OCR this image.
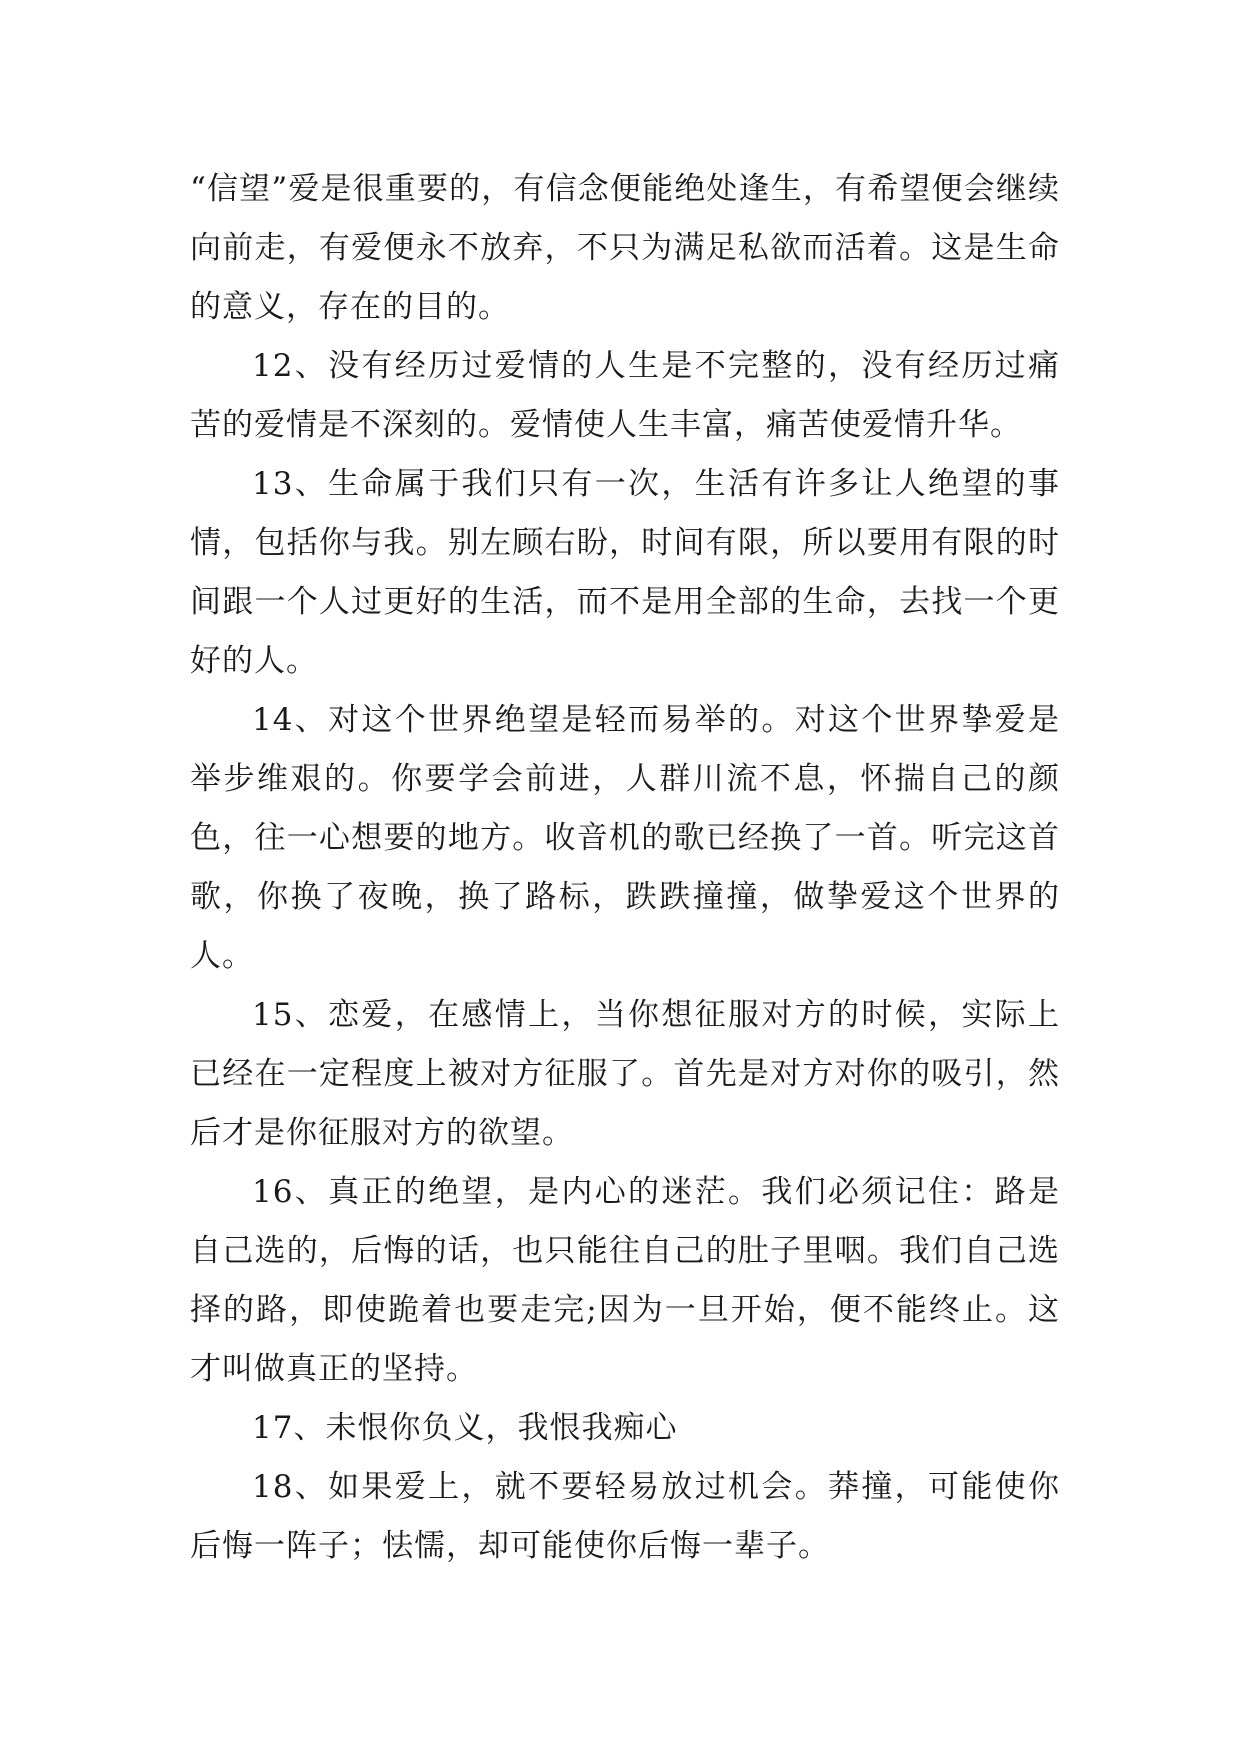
“信望”爱是很重要的，有信念便能绝处逢生，有希望便会继续向前走，有爱便永不放弃，不只为满足私欲而活着。这是生命的意义，存在的目的。

12、没有经历过爱情的人生是不完整的，没有经历过痛苦的爱情是不深刻的。爱情使人生丰富，痛苦使爱情升华。

13、生命属于我们只有一次，生活有许多让人绝望的事情，包括你与我。别左顾右盼，时间有限，所以要用有限的时间跟一个人过更好的生活，而不是用全部的生命，去找一个更好的人。

14、对这个世界绝望是轻而易举的。对这个世界挚爱是举步维艰的。你要学会前进，人群川流不息，怀揣自己的颜色，往一心想要的地方。收音机的歌已经换了一首。听完这首歌，你换了夜晚，换了路标，跌跌撞撞，做挚爱这个世界的人。

15、恋爱，在感情上，当你想征服对方的时候，实际上已经在一定程度上被对方征服了。首先是对方对你的吸引，然后才是你征服对方的欲望。

16、真正的绝望，是内心的迷茫。我们必须记住：路是自己选的，后悔的话，也只能往自己的肚子里咽。我们自己选择的路，即使跪着也要走完;因为一旦开始，便不能终止。这才叫做真正的坚持。

17、未恨你负义，我恨我痴心

18、如果爱上，就不要轻易放过机会。莽撞，可能使你后悔一阵子；怯懦，却可能使你后悔一辈子。
